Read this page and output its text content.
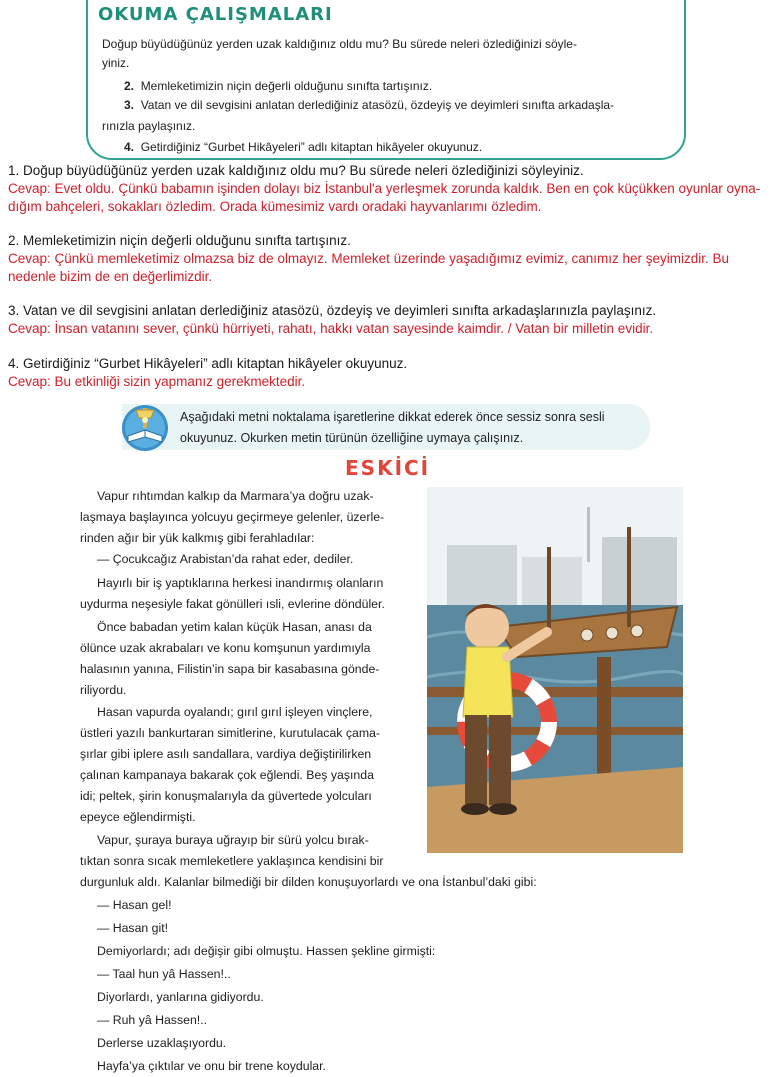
OKUMA ÇALIŞMALARI
Doğup büyüdüğünüz yerden uzak kaldığınız oldu mu? Bu sürede neleri özlediğinizi söyle-
yiniz.
2. Memleketimizin niçin değerli olduğunu sınıfta tartışınız.
3. Vatan ve dil sevgisini anlatan derlediğiniz atasözü, özdeyiş ve deyimleri sınıfta arkadaşla-
rınızla paylaşınız.
4. Getirdiğiniz “Gurbet Hikâyeleri” adlı kitaptan hikâyeler okuyunuz.
1. Doğup büyüdüğünüz yerden uzak kaldığınız oldu mu? Bu sürede neleri özlediğinizi söyleyiniz.
Cevap: Evet oldu. Çünkü babamın işinden dolayı biz İstanbul'a yerleşmek zorunda kaldık. Ben en çok küçükken oyunlar oyna-
dığım bahçeleri, sokakları özledim. Orada kümesimiz vardı oradaki hayvanlarımı özledim.
2. Memleketimizin niçin değerli olduğunu sınıfta tartışınız.
Cevap: Çünkü memleketimiz olmazsa biz de olmayız. Memleket üzerinde yaşadığımız evimiz, canımız her şeyimizdir. Bu
nedenle bizim de en değerlimizdir.
3. Vatan ve dil sevgisini anlatan derlediğiniz atasözü, özdeyiş ve deyimleri sınıfta arkadaşlarınızla paylaşınız.
Cevap: İnsan vatanını sever, çünkü hürriyeti, rahatı, hakkı vatan sayesinde kaimdir. / Vatan bir milletin evidir.
4. Getirdiğiniz “Gurbet Hikâyeleri” adlı kitaptan hikâyeler okuyunuz.
Cevap: Bu etkinliği sizin yapmanız gerekmektedir.
Aşağıdaki metni noktalama işaretlerine dikkat ederek önce sessiz sonra sesli
okuyunuz. Okurken metin türünün özelliğine uymaya çalışınız.
ESKİCİ
Vapur rıhtımdan kalkıp da Marmara’ya doğru uzak-
laşmaya başlayınca yolcuyu geçirmeye gelenler, üzerle-
rinden ağır bir yük kalkmış gibi ferahladılar:
— Çocukcağız Arabistan’da rahat eder, dediler.
Hayırlı bir iş yaptıklarına herkesi inandırmış olanların
uydurma neşesiyle fakat gönülleri ısli, evlerine döndüler.
Önce babadan yetim kalan küçük Hasan, anası da
ölünce uzak akrabaları ve konu komşunun yardımıyla
halasının yanına, Filistin’in sapa bir kasabasına gönde-
riliyordu.
Hasan vapurda oyalandı; gırıl gırıl işleyen vinçlere,
üstleri yazılı bankurtaran simitlerine, kurutulacak çama-
şırlar gibi iplere asılı sandallara, vardiya değiştirilirken
çalınan kampanaya bakarak çok eğlendi. Beş yaşında
idi; peltek, şirin konuşmalarıyla da güvertede yolcuları
epeyce eğlendirmişti.
Vapur, şuraya buraya uğrayıp bir sürü yolcu bırak-
tıktan sonra sıcak memleketlere yaklaşınca kendisini bir
durgunluk aldı. Kalanlar bilmediği bir dilden konuşuyorlardı ve ona İstanbul’daki gibi:
— Hasan gel!
— Hasan git!
Demiyorlardı; adı değişir gibi olmuştu. Hassen şekline girmişti:
— Taal hun yâ Hassen!..
Diyorlardı, yanlarına gidiyordu.
— Ruh yâ Hassen!..
Derlerse uzaklaşıyordu.
Hayfa’ya çıktılar ve onu bir trene koydular.
